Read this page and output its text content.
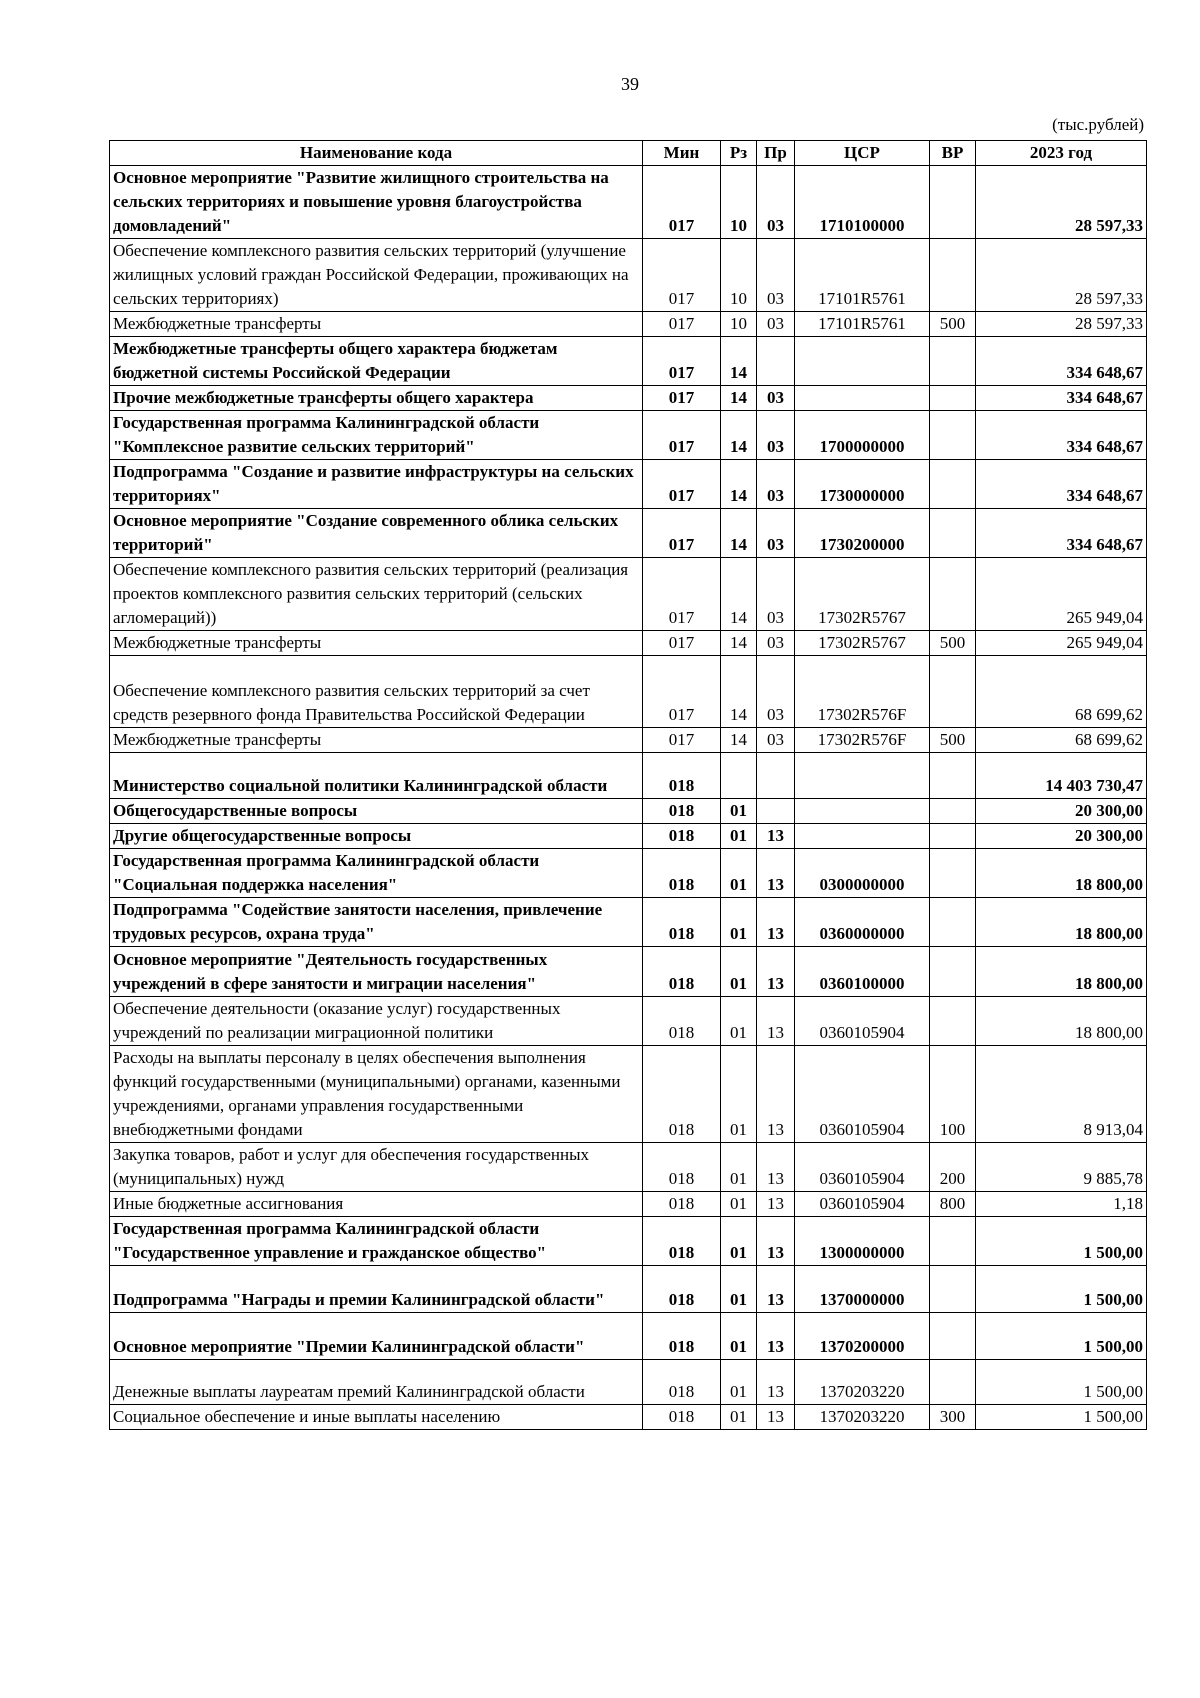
39
(тыс.рублей)
Наименование кода	Мин	Рз	Пр	ЦСР	ВР	2023 год
Основное мероприятие "Развитие жилищного строительства на сельских территориях и повышение уровня благоустройства домовладений"	017	10	03	1710100000		28 597,33
Обеспечение комплексного развития сельских территорий (улучшение жилищных условий граждан Российской Федерации, проживающих на сельских территориях)	017	10	03	17101R5761		28 597,33
Межбюджетные трансферты	017	10	03	17101R5761	500	28 597,33
Межбюджетные трансферты общего характера бюджетам бюджетной системы Российской Федерации	017	14				334 648,67
Прочие межбюджетные трансферты общего характера	017	14	03			334 648,67
Государственная программа Калининградской области "Комплексное развитие сельских территорий"	017	14	03	1700000000		334 648,67
Подпрограмма "Создание и развитие инфраструктуры на сельских территориях"	017	14	03	1730000000		334 648,67
Основное мероприятие "Создание современного облика сельских территорий"	017	14	03	1730200000		334 648,67
Обеспечение комплексного развития сельских территорий (реализация проектов комплексного развития сельских территорий (сельских агломераций))	017	14	03	17302R5767		265 949,04
Межбюджетные трансферты	017	14	03	17302R5767	500	265 949,04
Обеспечение комплексного развития сельских территорий за счет средств резервного фонда Правительства Российской Федерации	017	14	03	17302R576F		68 699,62
Межбюджетные трансферты	017	14	03	17302R576F	500	68 699,62
Министерство социальной политики Калининградской области	018					14 403 730,47
Общегосударственные вопросы	018	01				20 300,00
Другие общегосударственные вопросы	018	01	13			20 300,00
Государственная программа Калининградской области "Социальная поддержка населения"	018	01	13	0300000000		18 800,00
Подпрограмма "Содействие занятости населения, привлечение трудовых ресурсов, охрана труда"	018	01	13	0360000000		18 800,00
Основное мероприятие "Деятельность государственных учреждений в сфере занятости и миграции населения"	018	01	13	0360100000		18 800,00
Обеспечение деятельности (оказание услуг) государственных учреждений по реализации миграционной политики	018	01	13	0360105904		18 800,00
Расходы на выплаты персоналу в целях обеспечения выполнения функций государственными (муниципальными) органами, казенными учреждениями, органами управления государственными внебюджетными фондами	018	01	13	0360105904	100	8 913,04
Закупка товаров, работ и услуг для обеспечения государственных (муниципальных) нужд	018	01	13	0360105904	200	9 885,78
Иные бюджетные ассигнования	018	01	13	0360105904	800	1,18
Государственная программа Калининградской области "Государственное управление и гражданское общество"	018	01	13	1300000000		1 500,00
Подпрограмма "Награды и премии Калининградской области"	018	01	13	1370000000		1 500,00
Основное мероприятие "Премии Калининградской области"	018	01	13	1370200000		1 500,00
Денежные выплаты лауреатам премий Калининградской области	018	01	13	1370203220		1 500,00
Социальное обеспечение и иные выплаты населению	018	01	13	1370203220	300	1 500,00
